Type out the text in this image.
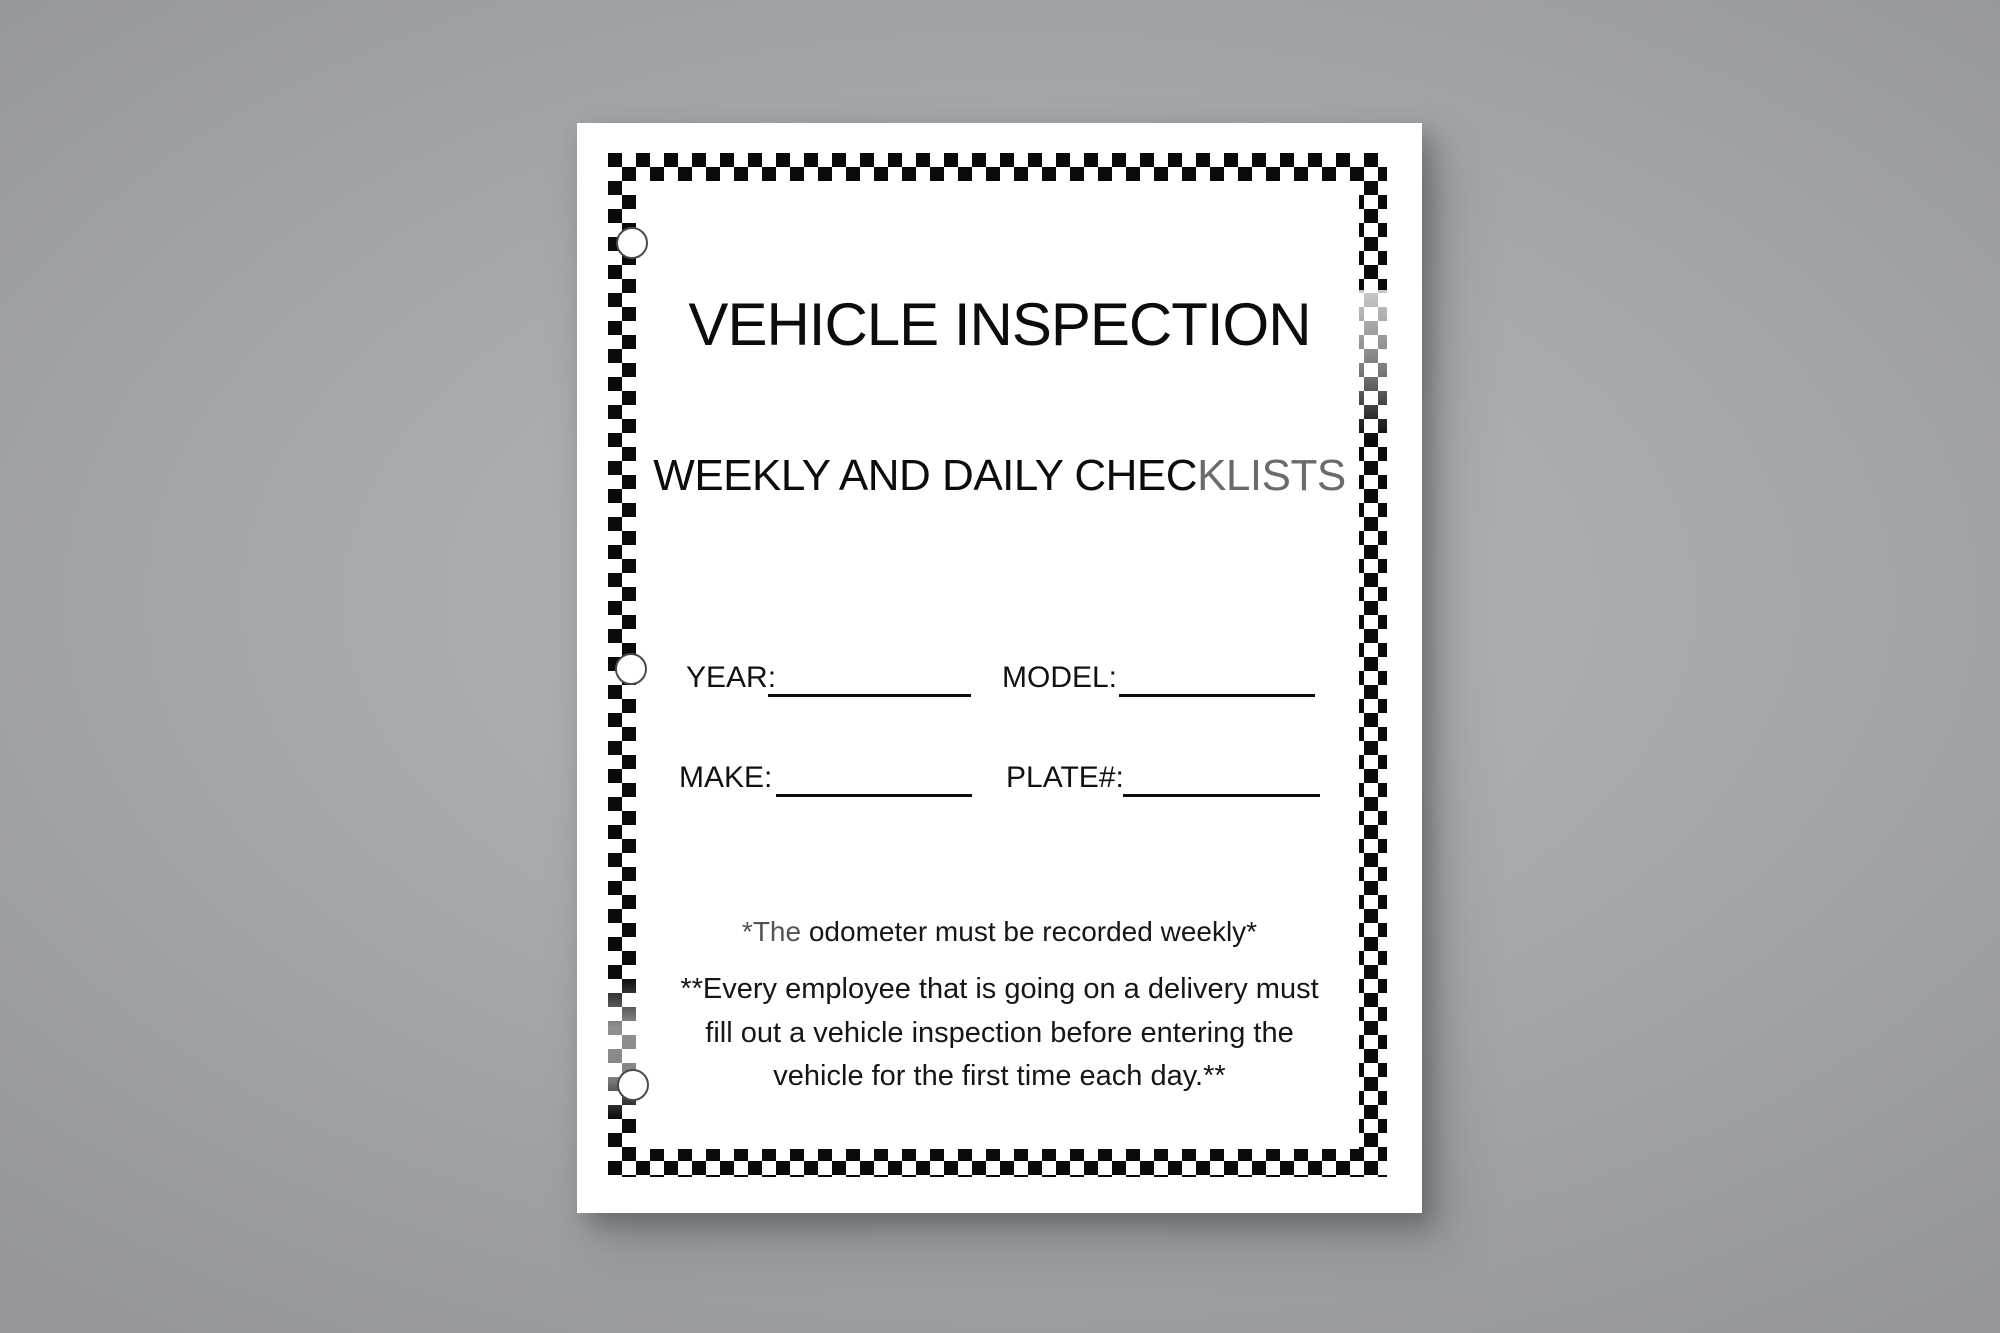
VEHICLE INSPECTION
WEEKLY AND DAILY CHECKLISTS
YEAR:	MODEL:
MAKE:	PLATE#:
*The odometer must be recorded weekly*
**Every employee that is going on a delivery must
fill out a vehicle inspection before entering the
vehicle for the first time each day.**
